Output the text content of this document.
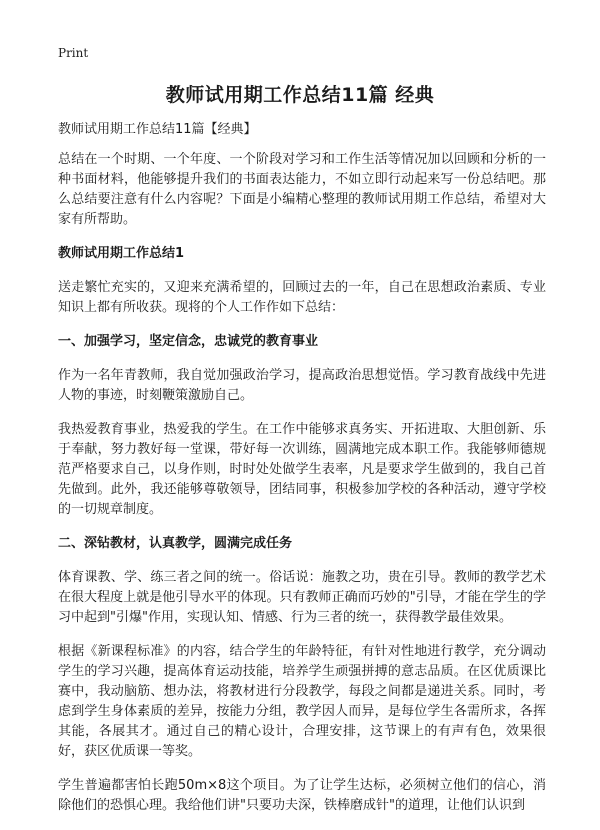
Print
教师试用期工作总结11篇 经典

教师试用期工作总结11篇【经典】

总结在一个时期、一个年度、一个阶段对学习和工作生活等情况加以回顾和分析的一种书面材料，他能够提升我们的书面表达能力，不如立即行动起来写一份总结吧。那么总结要注意有什么内容呢？下面是小编精心整理的教师试用期工作总结，希望对大家有所帮助。

教师试用期工作总结1

送走繁忙充实的，又迎来充满希望的，回顾过去的一年，自己在思想政治素质、专业知识上都有所收获。现将的个人工作作如下总结：

一、加强学习，坚定信念，忠诚党的教育事业

作为一名年青教师，我自觉加强政治学习，提高政治思想觉悟。学习教育战线中先进人物的事迹，时刻鞭策激励自己。

我热爱教育事业，热爱我的学生。在工作中能够求真务实、开拓进取、大胆创新、乐于奉献，努力教好每一堂课，带好每一次训练，圆满地完成本职工作。我能够师德规范严格要求自己，以身作则，时时处处做学生表率，凡是要求学生做到的，我自己首先做到。此外，我还能够尊敬领导，团结同事，积极参加学校的各种活动，遵守学校的一切规章制度。

二、深钻教材，认真教学，圆满完成任务

体育课教、学、练三者之间的统一。俗话说：施教之功，贵在引导。教师的教学艺术在很大程度上就是他引导水平的体现。只有教师正确而巧妙的"引导，才能在学生的学习中起到"引爆"作用，实现认知、情感、行为三者的统一，获得教学最佳效果。

根据《新课程标准》的内容，结合学生的年龄特征，有针对性地进行教学，充分调动学生的学习兴趣，提高体育运动技能，培养学生顽强拼搏的意志品质。在区优质课比赛中，我动脑筋、想办法，将教材进行分段教学，每段之间都是递进关系。同时，考虑到学生身体素质的差异，按能力分组，教学因人而异，是每位学生各需所求，各挥其能，各展其才。通过自己的精心设计，合理安排，这节课上的有声有色，效果很好，获区优质课一等奖。

学生普遍都害怕长跑50m×8这个项目。为了让学生达标，必须树立他们的信心，消除他们的恐惧心理。我给他们讲"只要功夫深，铁棒磨成针"的道理，让他们认识到
